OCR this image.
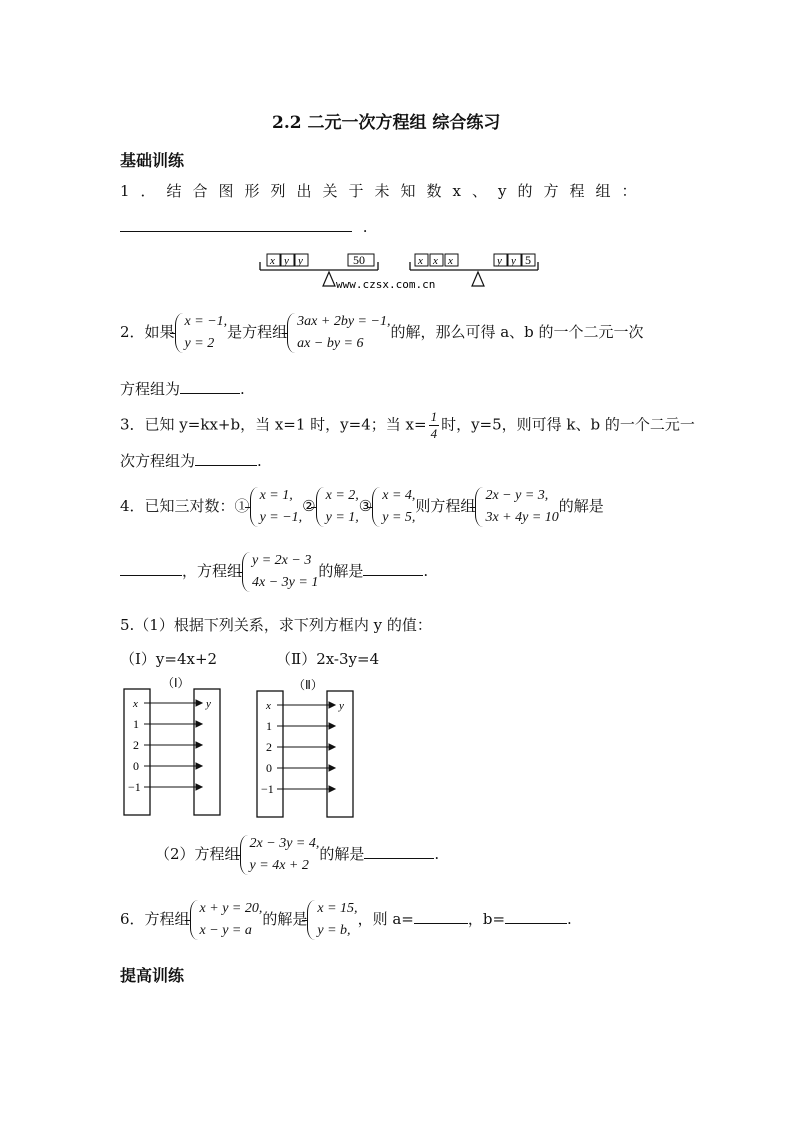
2.2 二元一次方程组 综合练习
基础训练
1．结合图形列出关于未知数x、y的方程组：
.
x y y	50	x x x	y y 5
www.czsx.com.cn
2．如果
x = −1,
y = 2
是方程组
3ax + 2by = −1,
ax − by = 6
的解，那么可得 a、b 的一个二元一次
方程组为	.
3．已知 y=kx+b，当 x=1 时，y=4；当 $x= \frac{1}{4}$ 时，y=5，则可得 k、b 的一个二元一
次方程组为	.
4．已知三对数：①
x = 1,
y = −1,
②
x = 2,
y = 1,
③
x = 4,
y = 5,
则方程组
2x − y = 3,
3x + 4y = 10
的解是
，方程组
y = 2x − 3
4x − 3y = 1
的解是	.
5.（1）根据下列关系，求下列方框内 y 的值：
（Ⅰ）y=4x+2	（Ⅱ）2x-3y=4
（Ⅰ）
x	y
1
2
0
−1
（Ⅱ）
x	y
1
2
0
−1
（2）方程组
2x − 3y = 4,
y = 4x + 2
的解是	.
6．方程组
x + y = 20,
x − y = a
的解是
x = 15,
y = b,
，则 a=	，b=	.
提高训练
